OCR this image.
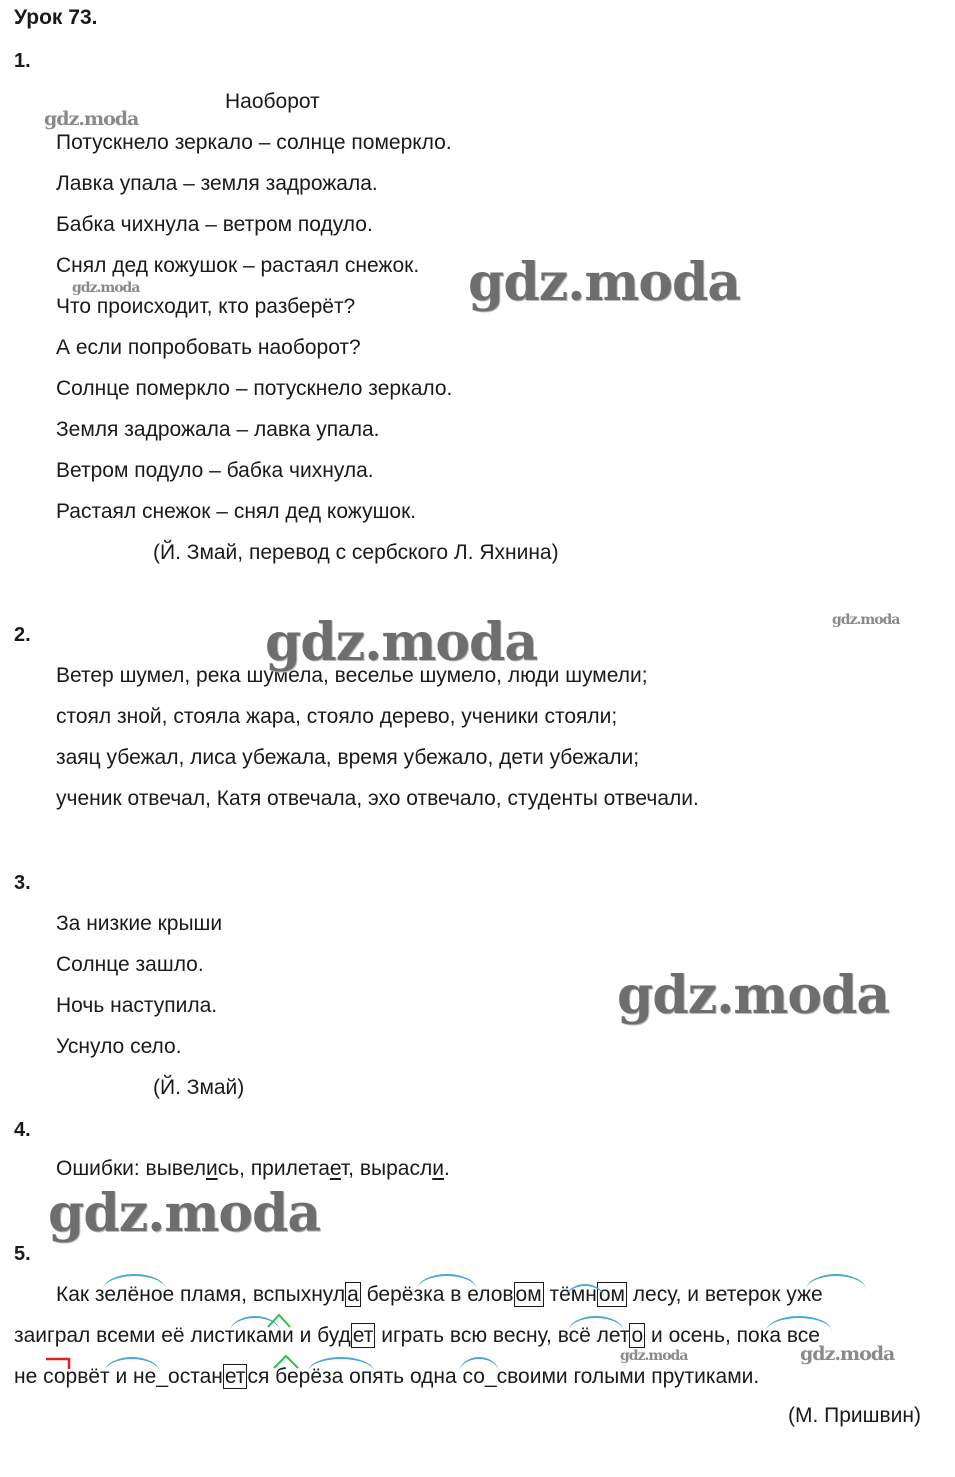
Урок 73.
1.
Наоборот
Потускнело зеркало – солнце померкло.
Лавка упала – земля задрожала.
Бабка чихнула – ветром подуло.
Снял дед кожушок – растаял снежок.
Что происходит, кто разберёт?
А если попробовать наоборот?
Солнце померкло – потускнело зеркало.
Земля задрожала – лавка упала.
Ветром подуло – бабка чихнула.
Растаял снежок – снял дед кожушок.
(Й. Змай, перевод с сербского Л. Яхнина)
2.
Ветер шумел, река шумела, веселье шумело, люди шумели;
стоял зной, стояла жара, стояло дерево, ученики стояли;
заяц убежал, лиса убежала, время убежало, дети убежали;
ученик отвечал, Катя отвечала, эхо отвечало, студенты отвечали.
3.
За низкие крыши
Солнце зашло.
Ночь наступила.
Уснуло село.
(Й. Змай)
4.
Ошибки: вывелись, прилетает, вырасли.
5.
Как зелёное пламя, вспыхнула берёзка в еловом тёмном лесу, и ветерок уже
заиграл всеми её листиками и будет играть всю весну, всё лето и осень, пока все
не сорвёт и не_останется берёза опять одна со_своими голыми прутиками.
(М. Пришвин)
gdz.moda
gdz.moda	gdz.moda
gdz.moda	gdz.moda
gdz.moda
gdz.moda
gdz.moda	gdz.moda
